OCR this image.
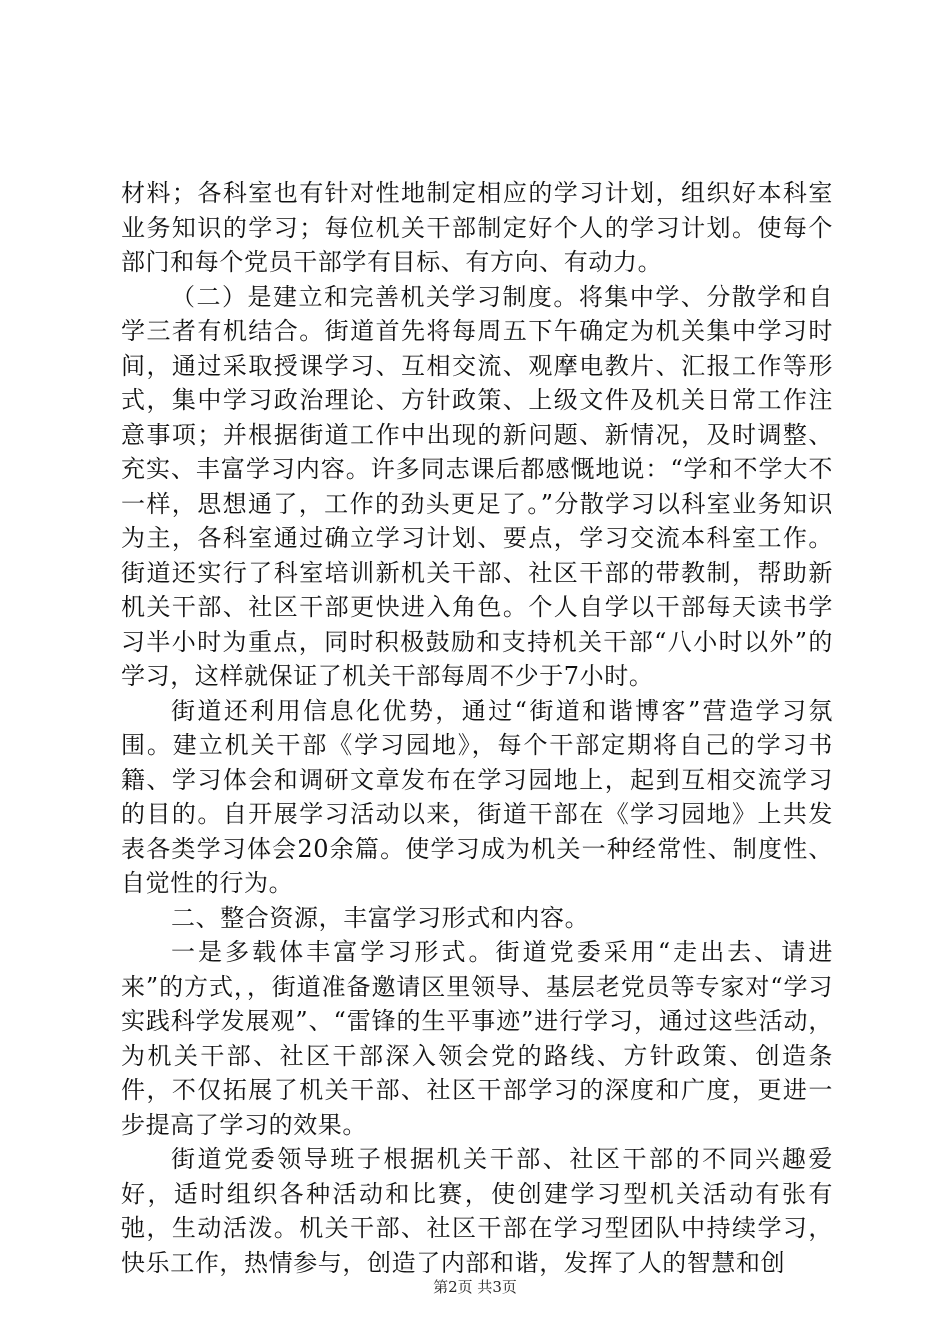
材料；各科室也有针对性地制定相应的学习计划，组织好本科室业务知识的学习；每位机关干部制定好个人的学习计划。使每个部门和每个党员干部学有目标、有方向、有动力。

（二）是建立和完善机关学习制度。将集中学、分散学和自学三者有机结合。街道首先将每周五下午确定为机关集中学习时间，通过采取授课学习、互相交流、观摩电教片、汇报工作等形式，集中学习政治理论、方针政策、上级文件及机关日常工作注意事项；并根据街道工作中出现的新问题、新情况，及时调整、充实、丰富学习内容。许多同志课后都感慨地说：“学和不学大不一样，思想通了，工作的劲头更足了。”分散学习以科室业务知识为主，各科室通过确立学习计划、要点，学习交流本科室工作。街道还实行了科室培训新机关干部、社区干部的带教制，帮助新机关干部、社区干部更快进入角色。个人自学以干部每天读书学习半小时为重点，同时积极鼓励和支持机关干部“八小时以外”的学习，这样就保证了机关干部每周不少于7小时。

街道还利用信息化优势，通过“街道和谐博客”营造学习氛围。建立机关干部《学习园地》，每个干部定期将自己的学习书籍、学习体会和调研文章发布在学习园地上，起到互相交流学习的目的。自开展学习活动以来，街道干部在《学习园地》上共发表各类学习体会20余篇。使学习成为机关一种经常性、制度性、自觉性的行为。

二、整合资源，丰富学习形式和内容。

一是多载体丰富学习形式。街道党委采用“走出去、请进来”的方式，，街道准备邀请区里领导、基层老党员等专家对“学习实践科学发展观”、“雷锋的生平事迹”进行学习，通过这些活动，为机关干部、社区干部深入领会党的路线、方针政策、创造条件，不仅拓展了机关干部、社区干部学习的深度和广度，更进一步提高了学习的效果。

街道党委领导班子根据机关干部、社区干部的不同兴趣爱好，适时组织各种活动和比赛，使创建学习型机关活动有张有弛，生动活泼。机关干部、社区干部在学习型团队中持续学习，快乐工作，热情参与，创造了内部和谐，发挥了人的智慧和创

第2页 共3页
